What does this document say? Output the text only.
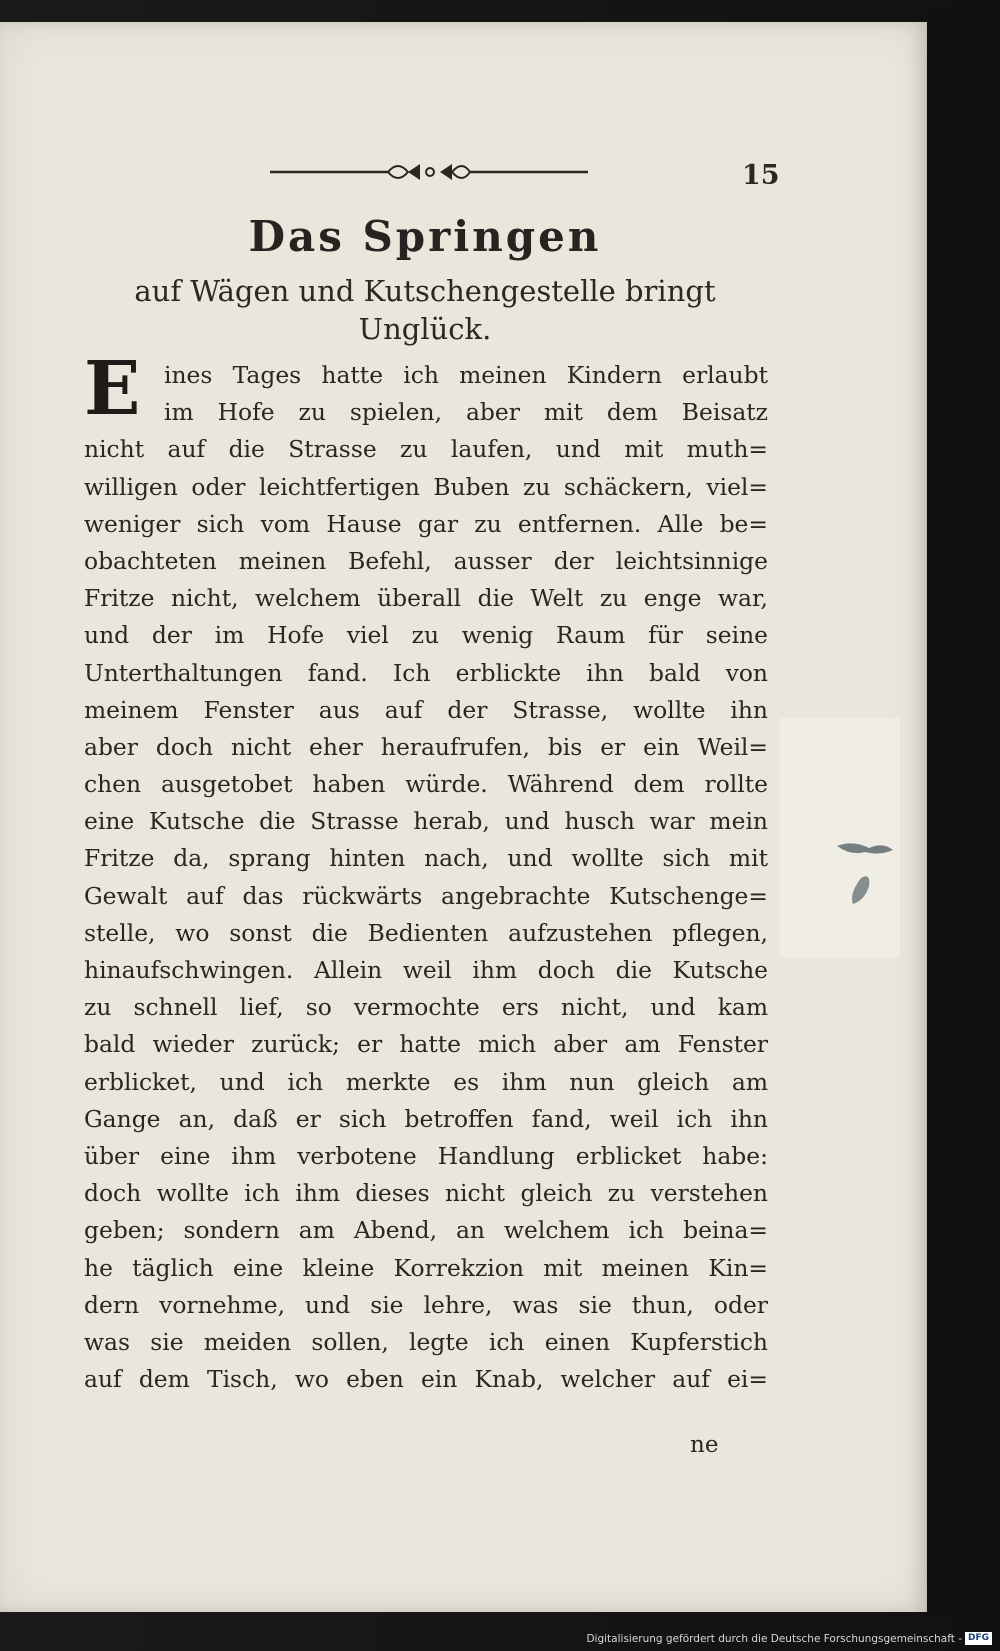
15
Das Springen
auf Wägen und Kutschengestelle bringt
Unglück.
E	ines Tages hatte ich meinen Kindern erlaubt
im Hofe zu spielen, aber mit dem Beisatz
nicht auf die Strasse zu laufen, und mit muth=
willigen oder leichtfertigen Buben zu schäckern, viel=
weniger sich vom Hause gar zu entfernen. Alle be=
obachteten meinen Befehl, ausser der leichtsinnige
Fritze nicht, welchem überall die Welt zu enge war,
und der im Hofe viel zu wenig Raum für seine
Unterthaltungen fand. Ich erblickte ihn bald von
meinem Fenster aus auf der Strasse, wollte ihn
aber doch nicht eher heraufrufen, bis er ein Weil=
chen ausgetobet haben würde. Während dem rollte
eine Kutsche die Strasse herab, und husch war mein
Fritze da, sprang hinten nach, und wollte sich mit
Gewalt auf das rückwärts angebrachte Kutschenge=
stelle, wo sonst die Bedienten aufzustehen pflegen,
hinaufschwingen. Allein weil ihm doch die Kutsche
zu schnell lief, so vermochte ers nicht, und kam
bald wieder zurück; er hatte mich aber am Fenster
erblicket, und ich merkte es ihm nun gleich am
Gange an, daß er sich betroffen fand, weil ich ihn
über eine ihm verbotene Handlung erblicket habe:
doch wollte ich ihm dieses nicht gleich zu verstehen
geben; sondern am Abend, an welchem ich beina=
he täglich eine kleine Korrekzion mit meinen Kin=
dern vornehme, und sie lehre, was sie thun, oder
was sie meiden sollen, legte ich einen Kupferstich
auf dem Tisch, wo eben ein Knab, welcher auf ei=
ne
Digitalisierung gefördert durch die Deutsche Forschungsgemeinschaft - DFG
